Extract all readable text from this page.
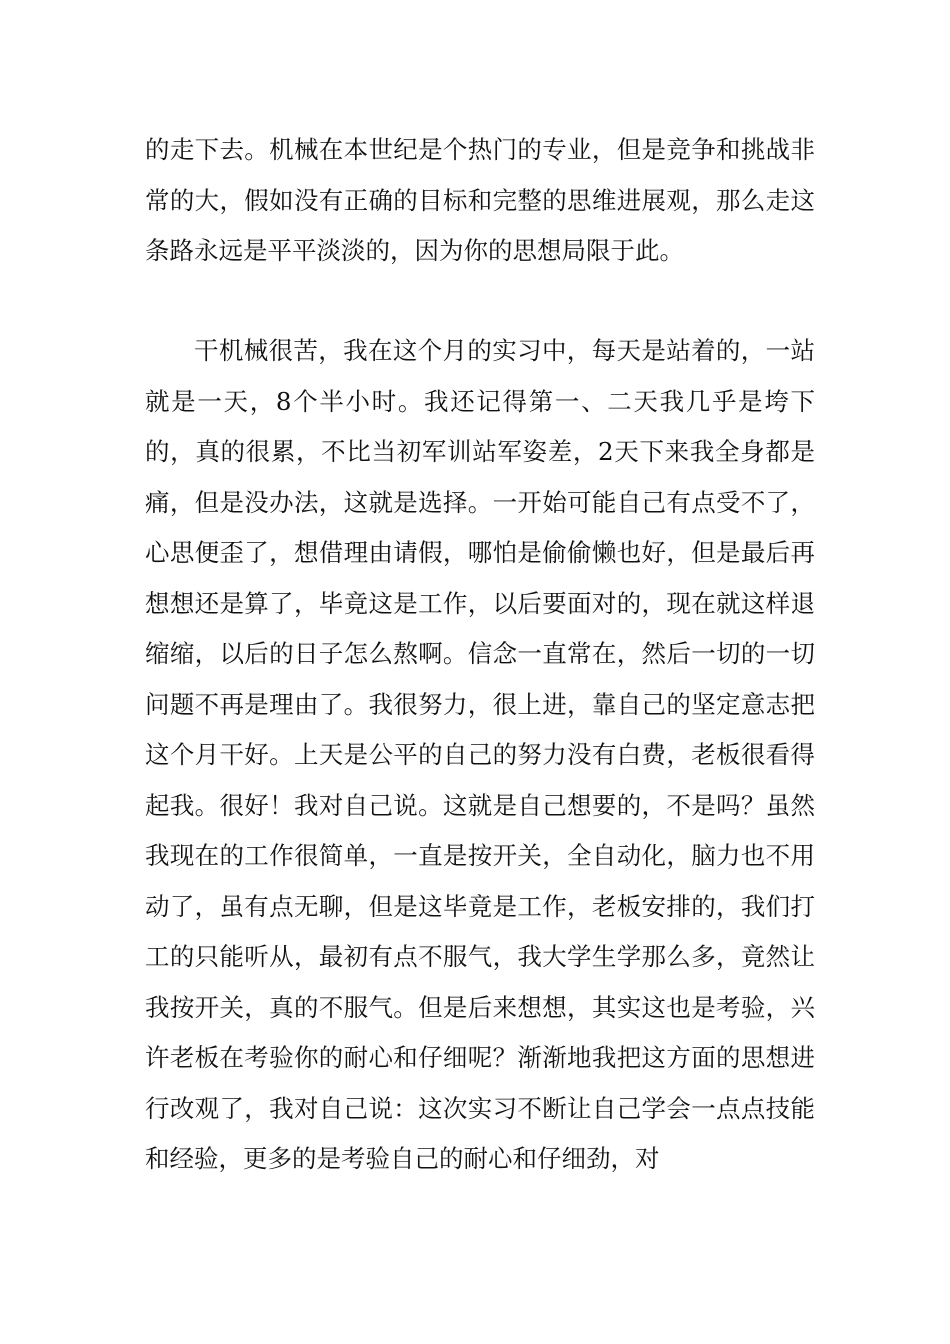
的走下去。机械在本世纪是个热门的专业，但是竞争和挑战非常的大，假如没有正确的目标和完整的思维进展观，那么走这条路永远是平平淡淡的，因为你的思想局限于此。

干机械很苦，我在这个月的实习中，每天是站着的，一站就是一天，8个半小时。我还记得第一、二天我几乎是垮下的，真的很累，不比当初军训站军姿差，2天下来我全身都是痛，但是没办法，这就是选择。一开始可能自己有点受不了，心思便歪了，想借理由请假，哪怕是偷偷懒也好，但是最后再想想还是算了，毕竟这是工作，以后要面对的，现在就这样退缩缩，以后的日子怎么熬啊。信念一直常在，然后一切的一切问题不再是理由了。我很努力，很上进，靠自己的坚定意志把这个月干好。上天是公平的自己的努力没有白费，老板很看得起我。很好！我对自己说。这就是自己想要的，不是吗？虽然我现在的工作很简单，一直是按开关，全自动化，脑力也不用动了，虽有点无聊，但是这毕竟是工作，老板安排的，我们打工的只能听从，最初有点不服气，我大学生学那么多，竟然让我按开关，真的不服气。但是后来想想，其实这也是考验，兴许老板在考验你的耐心和仔细呢？渐渐地我把这方面的思想进行改观了，我对自己说：这次实习不断让自己学会一点点技能和经验，更多的是考验自己的耐心和仔细劲，对
